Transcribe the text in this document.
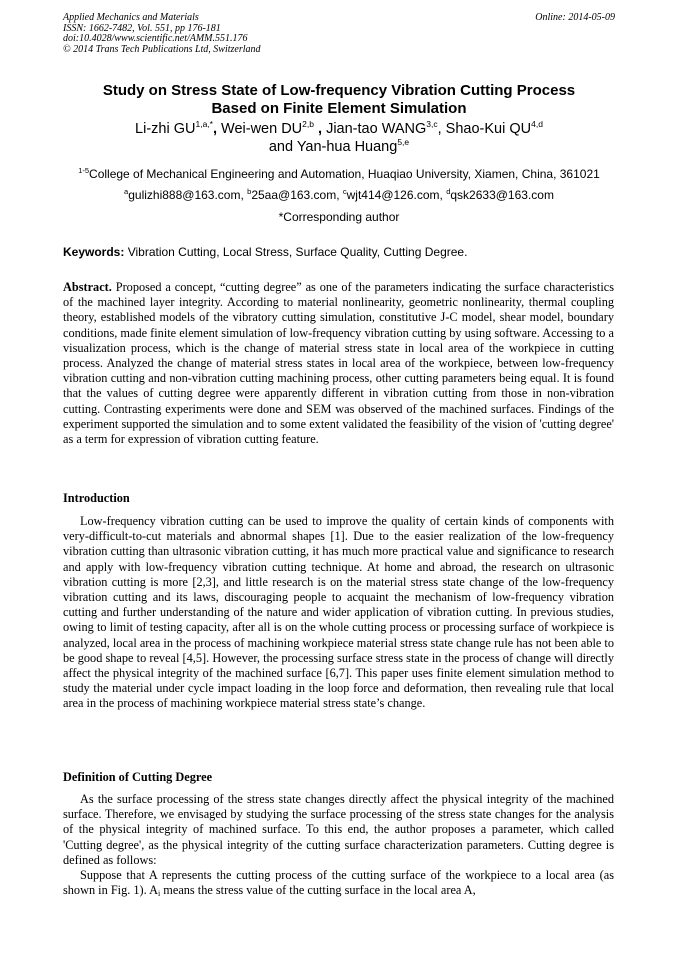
Applied Mechanics and Materials
ISSN: 1662-7482, Vol. 551, pp 176-181
doi:10.4028/www.scientific.net/AMM.551.176
© 2014 Trans Tech Publications Ltd, Switzerland
Online: 2014-05-09
Study on Stress State of Low-frequency Vibration Cutting Process
Based on Finite Element Simulation
Li-zhi $GU^{1,a,*}$, Wei-wen DU$^{2,b}$ , Jian-tao WANG$^{3,c}$, Shao-Kui QU$^{4,d}$
and Yan-hua Huang$^{5,e}$
$^{1-5}$College of Mechanical Engineering and Automation, Huaqiao University, Xiamen, China, 361021
$^a$gulizhi888@163.com, $^b$25aa@163.com, $^c$wjt414@126.com, $^d$qsk2633@163.com
*Corresponding author
Keywords: Vibration Cutting, Local Stress, Surface Quality, Cutting Degree.

Abstract. Proposed a concept, “cutting degree” as one of the parameters indicating the surface characteristics of the machined layer integrity. According to material nonlinearity, geometric nonlinearity, thermal coupling theory, established models of the vibratory cutting simulation, constitutive J-C model, shear model, boundary conditions, made finite element simulation of low-frequency vibration cutting by using software. Accessing to a visualization process, which is the change of material stress state in local area of the workpiece in cutting process. Analyzed the change of material stress states in local area of the workpiece, between low-frequency vibration cutting and non-vibration cutting machining process, other cutting parameters being equal. It is found that the values of cutting degree were apparently different in vibration cutting from those in non-vibration cutting. Contrasting experiments were done and SEM was observed of the machined surfaces. Findings of the experiment supported the simulation and to some extent validated the feasibility of the vision of 'cutting degree' as a term for expression of vibration cutting feature.

Introduction

Low-frequency vibration cutting can be used to improve the quality of certain kinds of components with very-difficult-to-cut materials and abnormal shapes [1]. Due to the easier realization of the low-frequency vibration cutting than ultrasonic vibration cutting, it has much more practical value and significance to research and apply with low-frequency vibration cutting technique. At home and abroad, the research on ultrasonic vibration cutting is more [2,3], and little research is on the material stress state change of the low-frequency vibration cutting and its laws, discouraging people to acquaint the mechanism of low-frequency vibration cutting and further understanding of the nature and wider application of vibration cutting. In previous studies, owing to limit of testing capacity, after all is on the whole cutting process or processing surface of workpiece is analyzed, local area in the process of machining workpiece material stress state change rule has not been able to be good shape to reveal [4,5]. However, the processing surface stress state in the process of change will directly affect the physical integrity of the machined surface [6,7]. This paper uses finite element simulation method to study the material under cycle impact loading in the loop force and deformation, then revealing rule that local area in the process of machining workpiece material stress state’s change.

Definition of Cutting Degree

As the surface processing of the stress state changes directly affect the physical integrity of the machined surface. Therefore, we envisaged by studying the surface processing of the stress state changes for the analysis of the physical integrity of machined surface. To this end, the author proposes a parameter, which called 'Cutting degree', as the physical integrity of the cutting surface characterization parameters. Cutting degree is defined as follows:

Suppose that A represents the cutting process of the cutting surface of the workpiece to a local area (as shown in Fig. 1). $A_i$ means the stress value of the cutting surface in the local area A,
